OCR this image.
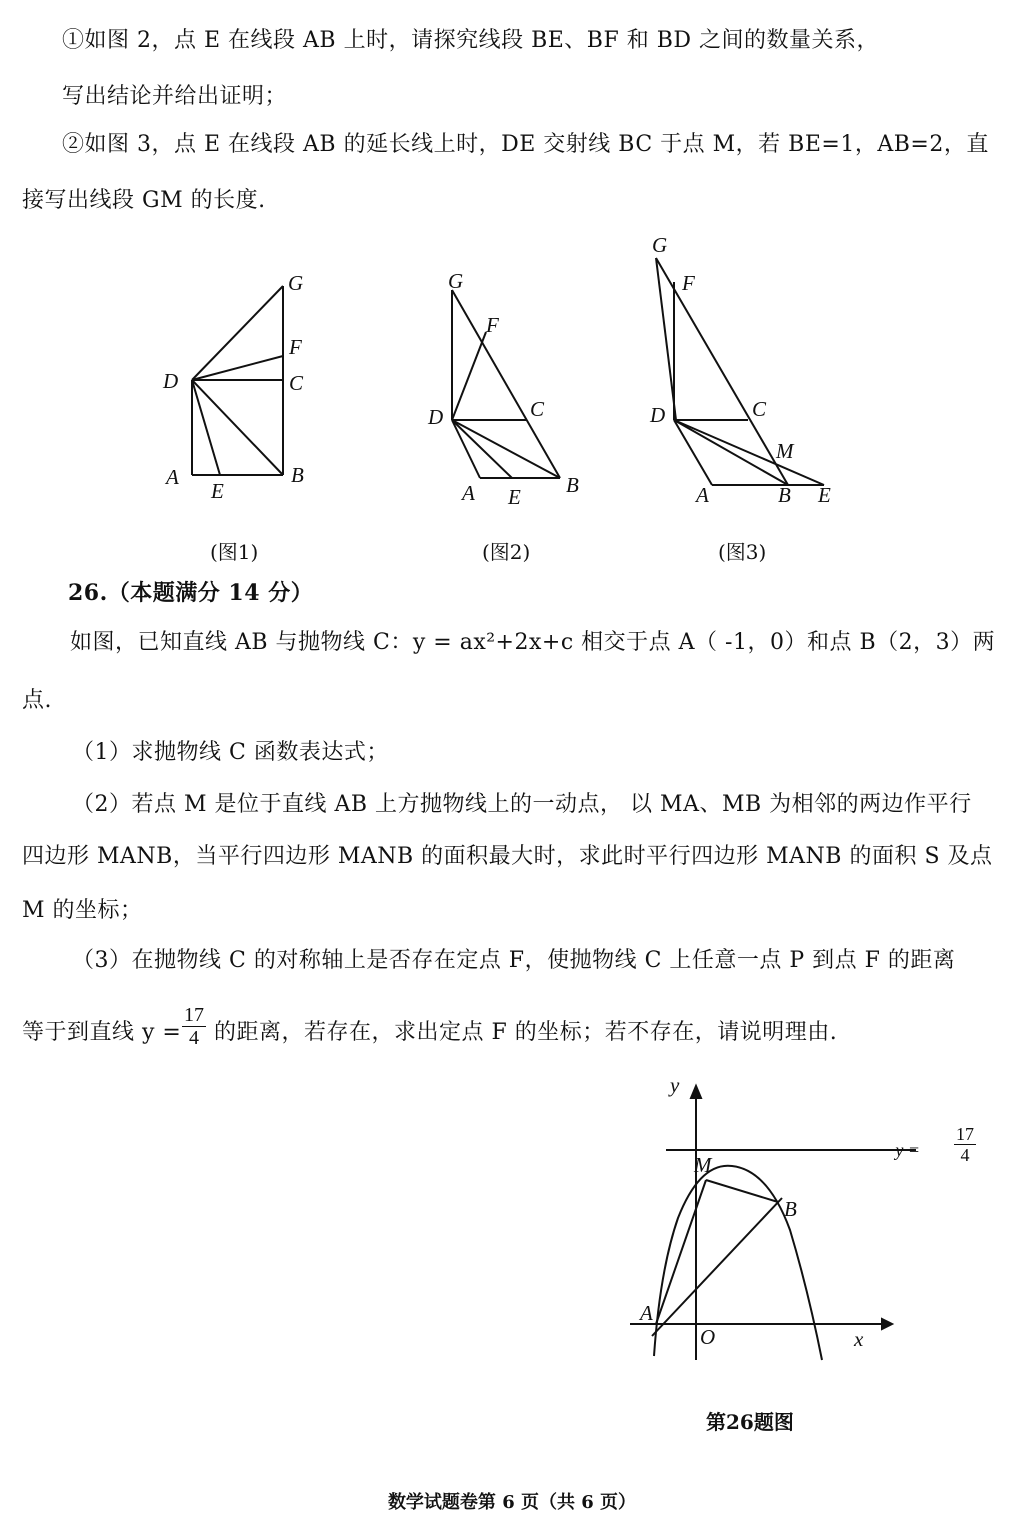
①如图 2，点 E 在线段 AB 上时，请探究线段 BE、BF 和 BD 之间的数量关系，
写出结论并给出证明；
②如图 3，点 E 在线段 AB 的延长线上时，DE 交射线 BC 于点 M，若 BE=1，AB=2，直
接写出线段 GM 的长度.
G
F
D	C
A
E
B
(图1)
G
F
D	C
A E B
(图2)
G
F
D	C
M
A	B E
(图3)
26.（本题满分 14 分）
如图，已知直线 AB 与抛物线 C：y = ax²+2x+c 相交于点 A（ -1，0）和点 B（2，3）两
点.
（1）求抛物线 C 函数表达式；
（2）若点 M 是位于直线 AB 上方抛物线上的一动点， 以 MA、MB 为相邻的两边作平行
四边形 MANB，当平行四边形 MANB 的面积最大时，求此时平行四边形 MANB 的面积 S 及点
M 的坐标；
（3）在抛物线 C 的对称轴上是否存在定点 F，使抛物线 C 上任意一点 P 到点 F 的距离
等于到直线 $y = \frac{17}{4}$ 的距离，若存在，求出定点 F 的坐标；若不存在，请说明理由.
y
x
O
A
B
M
$y = \frac{17}{4}$
第26题图
数学试题卷第 6 页（共 6 页）
